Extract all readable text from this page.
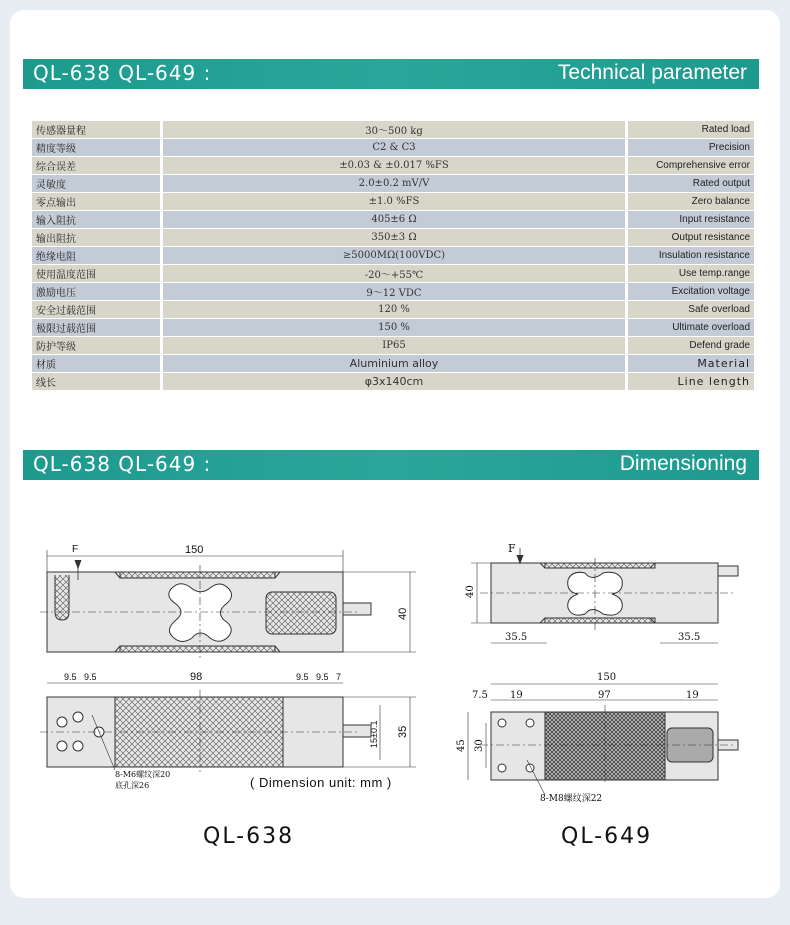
QL-638 QL-649 :	Technical parameter
传感器量程	30～500 kg	Rated load
精度等级	C2 & C3	Precision
综合误差	±0.03 & ±0.017 %FS	Comprehensive error
灵敏度	2.0±0.2 mV/V	Rated output
零点输出	±1.0 %FS	Zero balance
输入阻抗	405±6 Ω	Input resistance
输出阻抗	350±3 Ω	Output resistance
绝缘电阻	≥5000MΩ(100VDC)	Insulation resistance
使用温度范围	-20～+55℃	Use temp.range
激励电压	9～12 VDC	Excitation voltage
安全过载范围	120 %	Safe overload
极限过载范围	150 %	Ultimate overload
防护等级	IP65	Defend grade
材质	Aluminium alloy	Material
线长	φ3x140cm	Line length
QL-638 QL-649 :	Dimensioning
F	150
40
9.5 9.5	98	9.5 9.5 7
35
15±0.1
8-M6螺纹深20
底孔深26
F
40
35.5	35.5
150
7.5 19	97	19
45 30
8-M8螺纹深22
( Dimension unit: mm )
QL-638	QL-649
